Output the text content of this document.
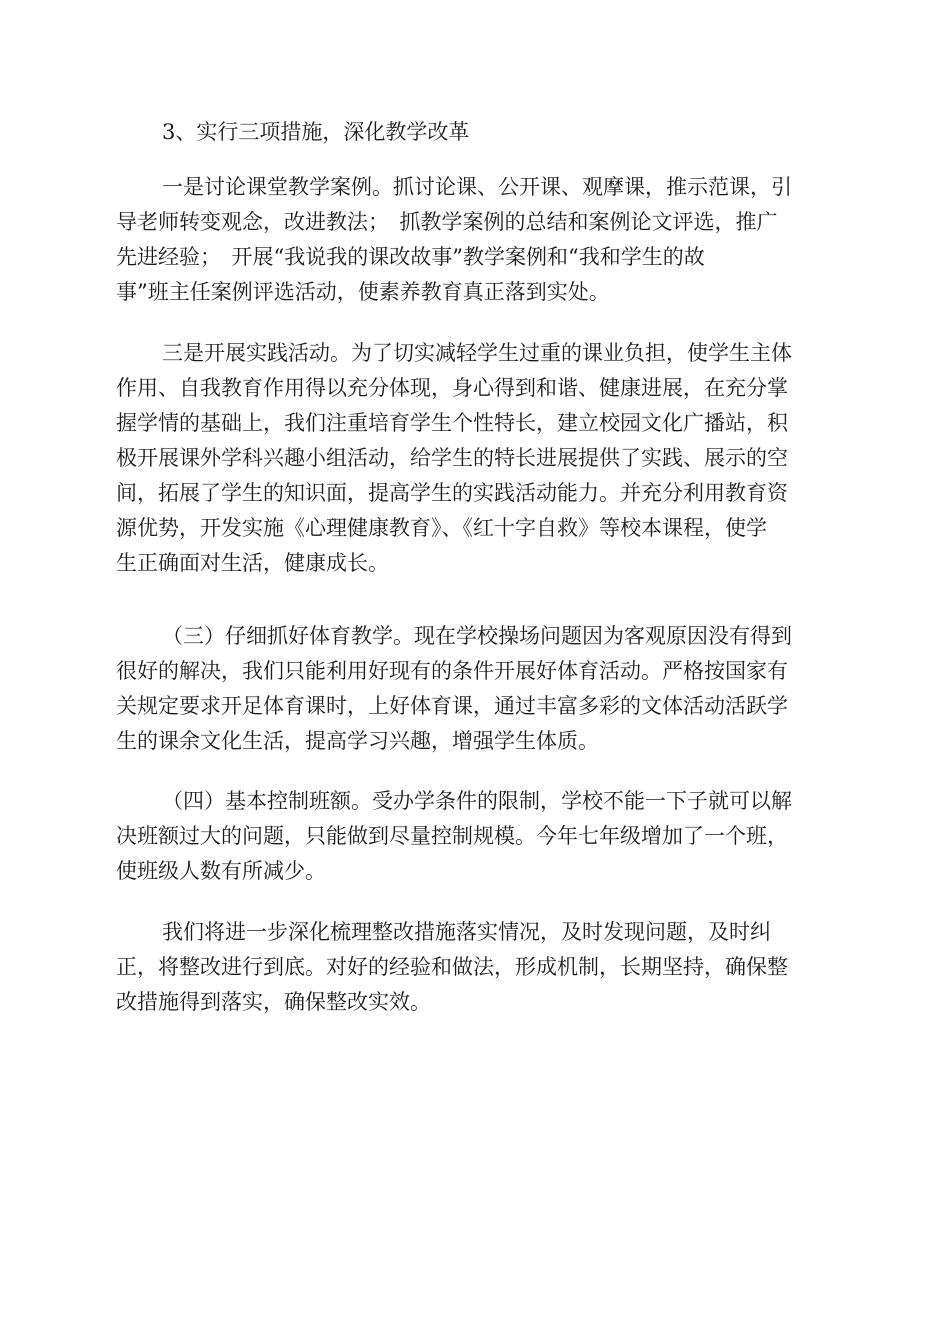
3、实行三项措施，深化教学改革

一是讨论课堂教学案例。抓讨论课、公开课、观摩课，推示范课，引
导老师转变观念，改进教法；　抓教学案例的总结和案例论文评选，推广
先进经验；　开展“我说我的课改故事”教学案例和“我和学生的故
事”班主任案例评选活动，使素养教育真正落到实处。

三是开展实践活动。为了切实减轻学生过重的课业负担，使学生主体
作用、自我教育作用得以充分体现，身心得到和谐、健康进展，在充分掌
握学情的基础上，我们注重培育学生个性特长，建立校园文化广播站，积
极开展课外学科兴趣小组活动，给学生的特长进展提供了实践、展示的空
间，拓展了学生的知识面，提高学生的实践活动能力。并充分利用教育资
源优势，开发实施《心理健康教育》、《红十字自救》等校本课程，使学
生正确面对生活，健康成长。

（三）仔细抓好体育教学。现在学校操场问题因为客观原因没有得到
很好的解决，我们只能利用好现有的条件开展好体育活动。严格按国家有
关规定要求开足体育课时，上好体育课，通过丰富多彩的文体活动活跃学
生的课余文化生活，提高学习兴趣，增强学生体质。

（四）基本控制班额。受办学条件的限制，学校不能一下子就可以解
决班额过大的问题，只能做到尽量控制规模。今年七年级增加了一个班，
使班级人数有所减少。

我们将进一步深化梳理整改措施落实情况，及时发现问题，及时纠
正，将整改进行到底。对好的经验和做法，形成机制，长期坚持，确保整
改措施得到落实，确保整改实效。
